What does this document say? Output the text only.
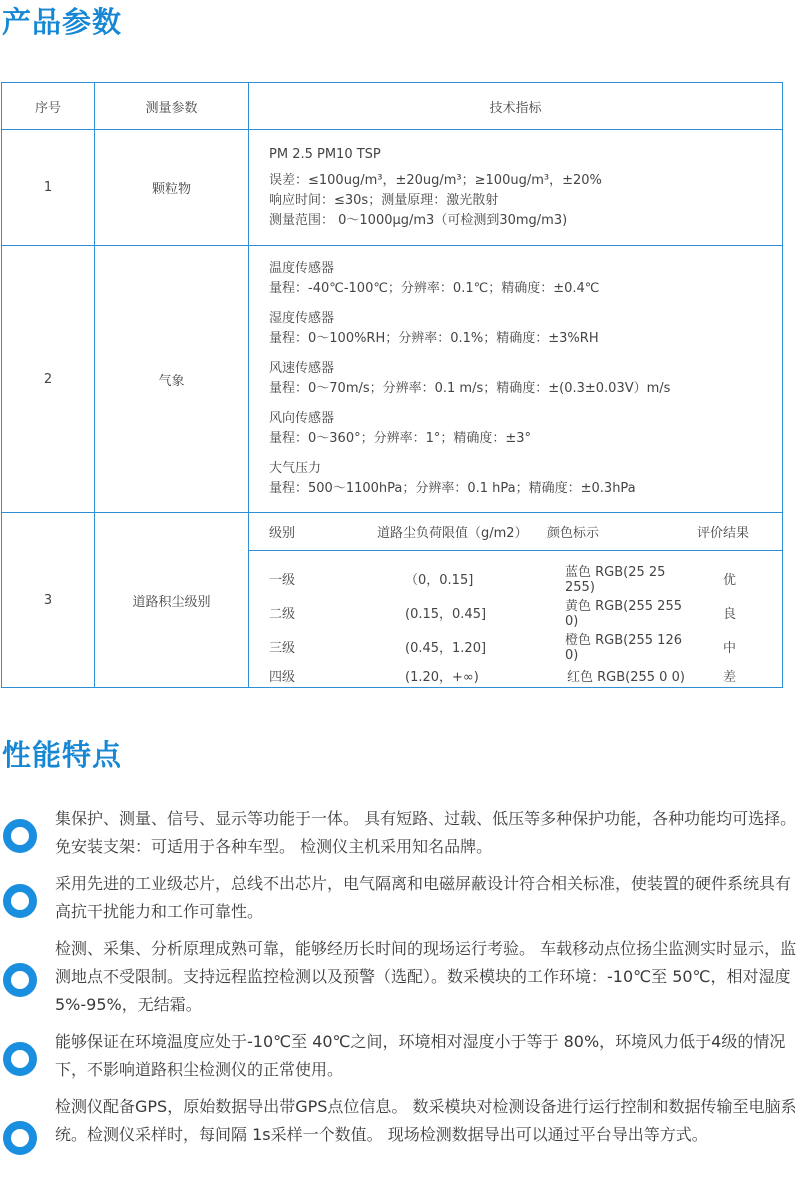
产品参数
序号	测量参数	技术指标
1	颗粒物	
PM 2.5 PM10 TSP
误差：≤100ug/m³，±20ug/m³；≥100ug/m³，±20%
响应时间：≤30s；测量原理：激光散射
测量范围： 0～1000μg/m3（可检测到30mg/m3)

2	气象	
温度传感器
量程：-40℃-100℃；分辨率：0.1℃；精确度：±0.4℃
湿度传感器
量程：0～100%RH；分辨率：0.1%；精确度：±3%RH
风速传感器
量程：0～70m/s；分辨率：0.1 m/s；精确度：±(0.3±0.03V）m/s
风向传感器
量程：0～360°；分辨率：1°；精确度：±3°
大气压力
量程：500～1100hPa；分辨率：0.1 hPa；精确度：±0.3hPa

3	道路积尘级别	
级别	道路尘负荷限值（g/m2）	颜色标示	评价结果

一级	（0，0.15]	蓝色 RGB(25 25 255)	优
二级	(0.15，0.45]	黄色 RGB(255 255 0)	良
三级	(0.45，1.20]	橙色 RGB(255 126 0)	中
四级	(1.20，+∞)	红色 RGB(255 0 0)	差
性能特点
集保护、测量、信号、显示等功能于一体。 具有短路、过载、低压等多种保护功能，各种功能均可选择。免安装支架：可适用于各种车型。 检测仪主机采用知名品牌。
采用先进的工业级芯片，总线不出芯片，电气隔离和电磁屏蔽设计符合相关标准，使装置的硬件系统具有高抗干扰能力和工作可靠性。
检测、采集、分析原理成熟可靠，能够经历长时间的现场运行考验。 车载移动点位扬尘监测实时显示，监测地点不受限制。支持远程监控检测以及预警（选配）。数采模块的工作环境：-10℃至 50℃，相对湿度5%-95%，无结霜。
能够保证在环境温度应处于-10℃至 40℃之间，环境相对湿度小于等于 80%，环境风力低于4级的情况下，不影响道路积尘检测仪的正常使用。
检测仪配备GPS，原始数据导出带GPS点位信息。 数采模块对检测设备进行运行控制和数据传输至电脑系统。检测仪采样时，每间隔 1s采样一个数值。 现场检测数据导出可以通过平台导出等方式。
